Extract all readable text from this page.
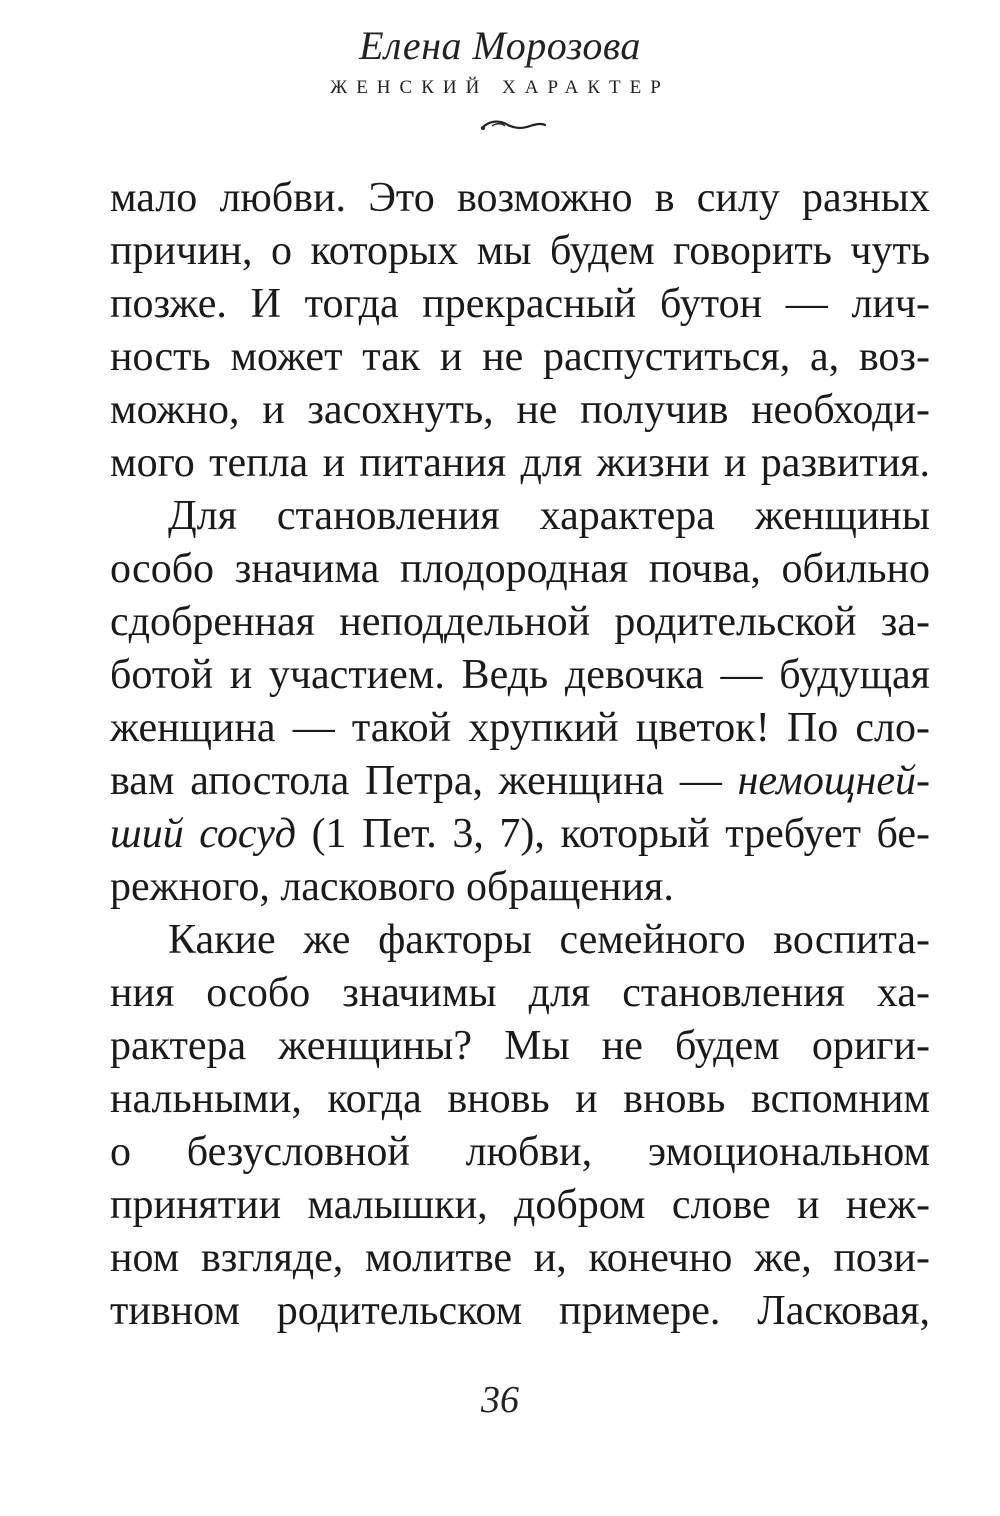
Елена Морозова
ЖЕНСКИЙ ХАРАКТЕР
мало любви. Это возможно в силу разных
причин, о которых мы будем говорить чуть
позже. И тогда прекрасный бутон — лич-
ность может так и не распуститься, а, воз-
можно, и засохнуть, не получив необходи-
мого тепла и питания для жизни и развития.
Для становления характера женщины
особо значима плодородная почва, обильно
сдобренная неподдельной родительской за-
ботой и участием. Ведь девочка — будущая
женщина — такой хрупкий цветок! По сло-
вам апостола Петра, женщина — немощней-
ший сосуд (1 Пет. 3, 7), который требует бе-
режного, ласкового обращения.
Какие же факторы семейного воспита-
ния особо значимы для становления ха-
рактера женщины? Мы не будем ориги-
нальными, когда вновь и вновь вспомним
о безусловной любви, эмоциональном
принятии малышки, добром слове и неж-
ном взгляде, молитве и, конечно же, пози-
тивном родительском примере. Ласковая,
36
